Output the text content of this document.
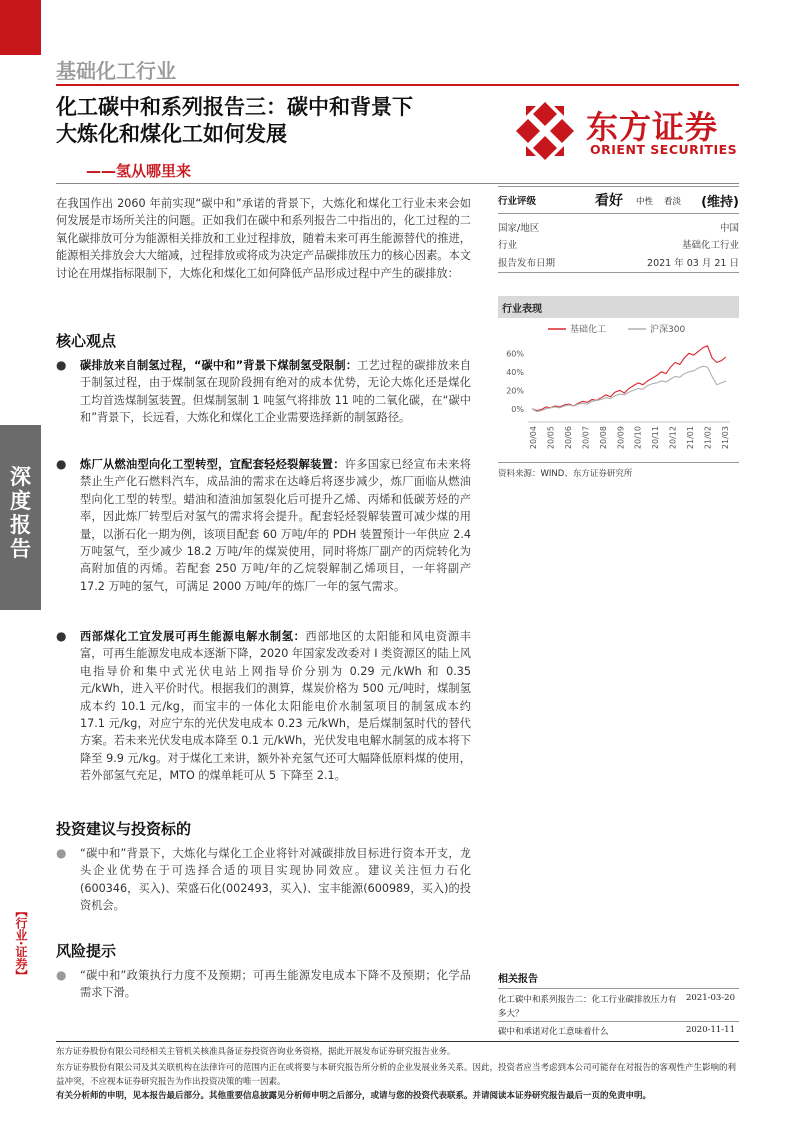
深
度
报
告
【行业·证券】
基础化工行业
化工碳中和系列报告三：碳中和背景下
大炼化和煤化工如何发展
——氢从哪里来
东方证券
ORIENT SECURITIES
在我国作出 2060 年前实现“碳中和”承诺的背景下，大炼化和煤化工行业未来会如何发展是市场所关注的问题。正如我们在碳中和系列报告二中指出的，化工过程的二氧化碳排放可分为能源相关排放和工业过程排放，随着未来可再生能源替代的推进，能源相关排放会大大缩减，过程排放或将成为决定产品碳排放压力的核心因素。本文讨论在用煤指标限制下，大炼化和煤化工如何降低产品形成过程中产生的碳排放：
核心观点
● 碳排放来自制氢过程，“碳中和”背景下煤制氢受限制：工艺过程的碳排放来自于制氢过程，由于煤制氢在现阶段拥有绝对的成本优势，无论大炼化还是煤化工均首选煤制氢装置。但煤制氢制 1 吨氢气将排放 11 吨的二氧化碳，在“碳中和”背景下，长远看，大炼化和煤化工企业需要选择新的制氢路径。
● 炼厂从燃油型向化工型转型，宜配套轻烃裂解装置：许多国家已经宣布未来将禁止生产化石燃料汽车，成品油的需求在达峰后将逐步减少，炼厂面临从燃油型向化工型的转型。蜡油和渣油加氢裂化后可提升乙烯、丙烯和低碳芳烃的产率，因此炼厂转型后对氢气的需求将会提升。配套轻烃裂解装置可减少煤的用量，以浙石化一期为例，该项目配套 60 万吨/年的 PDH 装置预计一年供应 2.4 万吨氢气，至少减少 18.2 万吨/年的煤炭使用，同时将炼厂副产的丙烷转化为高附加值的丙烯。若配套 250 万吨/年的乙烷裂解制乙烯项目，一年将副产 17.2 万吨的氢气，可满足 2000 万吨/年的炼厂一年的氢气需求。
● 西部煤化工宜发展可再生能源电解水制氢：西部地区的太阳能和风电资源丰富，可再生能源发电成本逐渐下降，2020 年国家发改委对 I 类资源区的陆上风电指导价和集中式光伏电站上网指导价分别为 0.29 元/kWh 和 0.35 元/kWh，进入平价时代。根据我们的测算，煤炭价格为 500 元/吨时，煤制氢成本约 10.1 元/kg，而宝丰的一体化太阳能电价水制氢项目的制氢成本约 17.1 元/kg，对应宁东的光伏发电成本 0.23 元/kWh，是后煤制氢时代的替代方案。若未来光伏发电成本降至 0.1 元/kWh，光伏发电电解水制氢的成本将下降至 9.9 元/kg。对于煤化工来讲，额外补充氢气还可大幅降低原料煤的使用，若外部氢气充足，MTO 的煤单耗可从 5 下降至 2.1。
投资建议与投资标的
● “碳中和”背景下，大炼化与煤化工企业将针对减碳排放目标进行资本开支，龙头企业优势在于可选择合适的项目实现协同效应。建议关注恒力石化(600346，买入)、荣盛石化(002493，买入)、宝丰能源(600989，买入)的投资机会。
风险提示
● “碳中和”政策执行力度不及预期；可再生能源发电成本下降不及预期；化学品需求下滑。
行业评级	看好 中性 看淡 (维持)
国家/地区	中国
行业	基础化工行业
报告发布日期	2021 年 03 月 21 日
行业表现
基础化工	沪深300
60%
40%
20%
0%
20/04 20/05 20/06 20/07 20/08 20/09 20/10 20/11 20/12 21/01 21/02 21/03
资料来源：WIND、东方证券研究所
相关报告
化工碳中和系列报告二：化工行业碳排放压力有多大？
2021-03-20
碳中和承诺对化工意味着什么	2020-11-11
东方证券股份有限公司经相关主管机关核准具备证券投资咨询业务资格，据此开展发布证券研究报告业务。
东方证券股份有限公司及其关联机构在法律许可的范围内正在或将要与本研究报告所分析的企业发展业务关系。因此，投资者应当考虑到本公司可能存在对报告的客观性产生影响的利益冲突，不应视本证券研究报告为作出投资决策的唯一因素。
有关分析师的申明，见本报告最后部分。其他重要信息披露见分析师申明之后部分，或请与您的投资代表联系。并请阅读本证券研究报告最后一页的免责申明。
